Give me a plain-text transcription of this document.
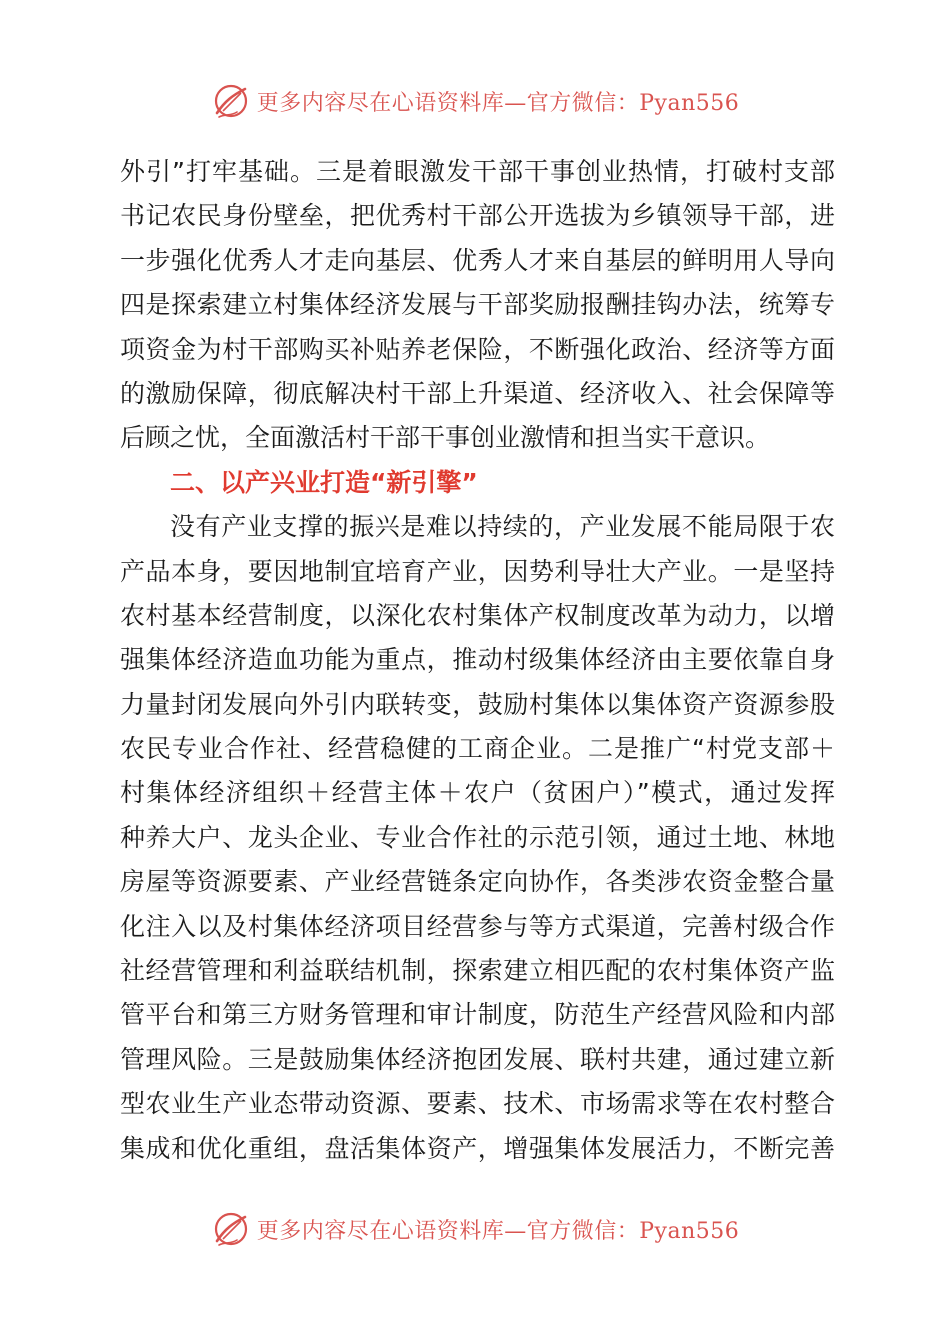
更多内容尽在心语资料库—官方微信：Pyan556
外引”打牢基础。三是着眼激发干部干事创业热情，打破村支部
书记农民身份壁垒，把优秀村干部公开选拔为乡镇领导干部，进
一步强化优秀人才走向基层、优秀人才来自基层的鲜明用人导向
四是探索建立村集体经济发展与干部奖励报酬挂钩办法，统筹专
项资金为村干部购买补贴养老保险，不断强化政治、经济等方面
的激励保障，彻底解决村干部上升渠道、经济收入、社会保障等
后顾之忧，全面激活村干部干事创业激情和担当实干意识。
二、以产兴业打造“新引擎”
没有产业支撑的振兴是难以持续的，产业发展不能局限于农
产品本身，要因地制宜培育产业，因势利导壮大产业。一是坚持
农村基本经营制度，以深化农村集体产权制度改革为动力，以增
强集体经济造血功能为重点，推动村级集体经济由主要依靠自身
力量封闭发展向外引内联转变，鼓励村集体以集体资产资源参股
农民专业合作社、经营稳健的工商企业。二是推广“村党支部＋
村集体经济组织＋经营主体＋农户（贫困户）”模式，通过发挥
种养大户、龙头企业、专业合作社的示范引领，通过土地、林地
房屋等资源要素、产业经营链条定向协作，各类涉农资金整合量
化注入以及村集体经济项目经营参与等方式渠道，完善村级合作
社经营管理和利益联结机制，探索建立相匹配的农村集体资产监
管平台和第三方财务管理和审计制度，防范生产经营风险和内部
管理风险。三是鼓励集体经济抱团发展、联村共建，通过建立新
型农业生产业态带动资源、要素、技术、市场需求等在农村整合
集成和优化重组，盘活集体资产，增强集体发展活力，不断完善
更多内容尽在心语资料库—官方微信：Pyan556
